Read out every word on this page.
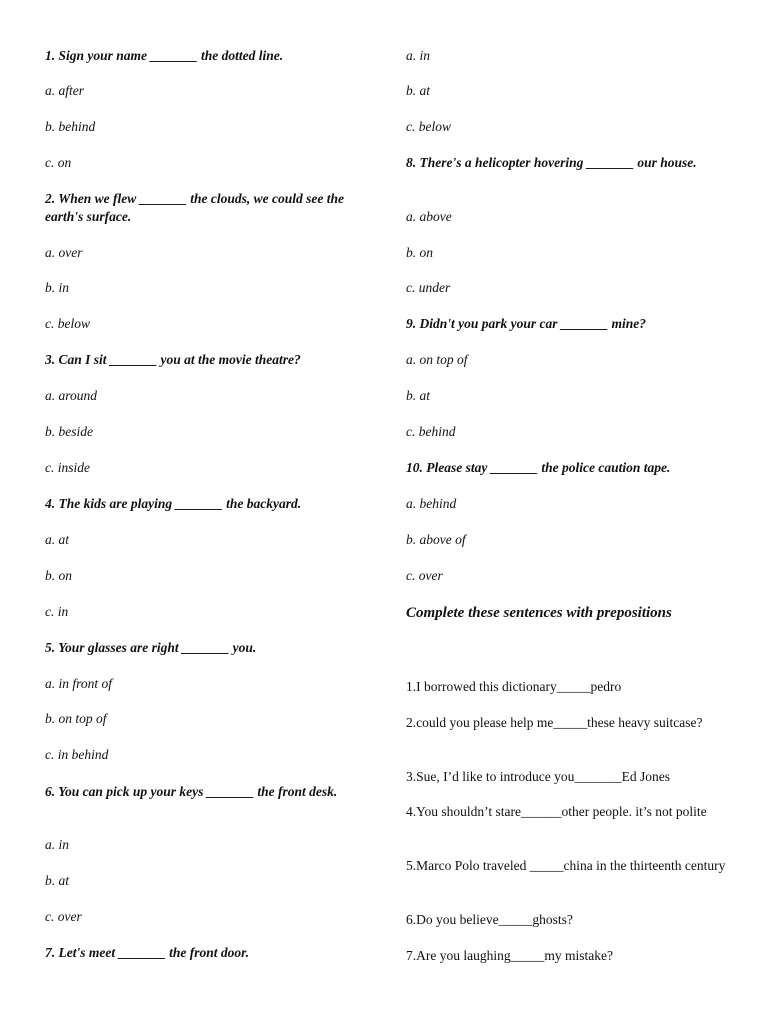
1. Sign your name _______ the dotted line.
a. after
b. behind
c. on
2. When we flew _______ the clouds, we could see the earth's surface.
a. over
b. in
c. below
3. Can I sit _______ you at the movie theatre?
a. around
b. beside
c. inside
4. The kids are playing _______ the backyard.
a. at
b. on
c. in
5. Your glasses are right _______ you.
a. in front of
b. on top of
c. in behind
6. You can pick up your keys _______ the front desk.
a. in
b. at
c. over
7. Let's meet _______ the front door.
a. in
b. at
c. below
8. There's a helicopter hovering _______ our house.
a. above
b. on
c. under
9. Didn't you park your car _______ mine?
a. on top of
b. at
c. behind
10. Please stay _______ the police caution tape.
a. behind
b. above of
c. over
Complete these sentences with prepositions
1.I borrowed this dictionary_____pedro
2.could you please help me_____these heavy suitcase?
3.Sue, I’d like to introduce you_______Ed Jones
4.You shouldn’t stare______other people. it’s not polite
5.Marco Polo traveled _____china in the thirteenth century
6.Do you believe_____ghosts?
7.Are you laughing_____my mistake?
